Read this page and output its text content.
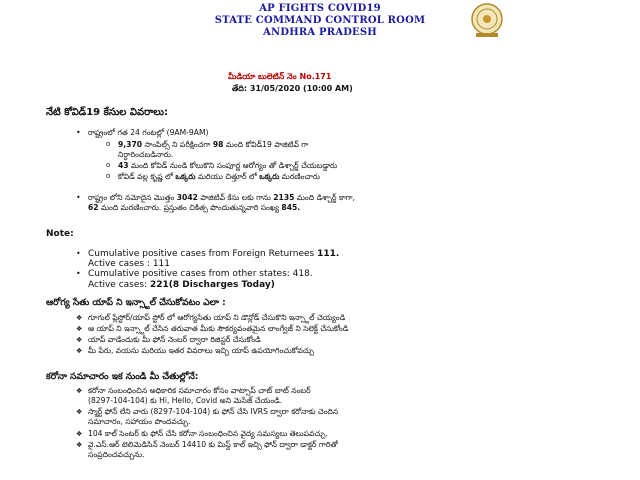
AP FIGHTS COVID19
STATE COMMAND CONTROL ROOM
ANDHRA PRADESH
మీడియా బులెటిన్ నెం No.171
తేది: 31/05/2020 (10:00 AM)
నేటి కోవిడ్19 కేసుల వివరాలు:
• రాష్ట్రంలో గత 24 గంటల్లో (9AM-9AM)
o 9,370 సాంపిల్స్ ని పరీక్షించగా 98 మంది కోవిడ్19 పాజిటివ్ గా
నిర్ధారించబడినారు.
o 43 మంది కోవిడ్ నుండి కోలుకొని సంపూర్ణ ఆరోగ్యం తో డిశ్చార్జ్ చేయబడ్డారు
o కోవిడ్ వల్ల కృష్ణ లో ఒక్కరు మరియు చిత్తూర్ లో ఒక్కరు మరణించారు
• రాష్ట్రం లోని నమోదైన మొత్తం 3042 పాజిటివ్ కేసు లకు గాను 2135 మంది డిశ్చార్జ్ కాగా,
62 మంది మరణించారు. ప్రస్తుతం చికిత్స పొందుతున్నవారి సంఖ్య 845.
Note:
• Cumulative positive cases from Foreign Returnees 111.
Active cases : 111
• Cumulative positive cases from other states: 418.
Active cases: 221(8 Discharges Today)
ఆరోగ్య సేతు యాప్ ని ఇన్స్టాల్ చేసుకోవటం ఎలా :
❖ గూగుల్ ప్లేస్టోర్/యాప్ స్టోర్ లో ఆరోగ్యసేతు యాప్ ని డౌన్లోడ్ చేసుకొని ఇన్స్టాల్ చెయ్యండి
❖ ఆ యాప్ ని ఇన్స్టాల్ చేసిన తరువాత మీకు సౌకర్యవంతమైన లాంగ్వేజ్ ని సెలెక్ట్ చేసుకోండి
❖ యాప్ వాడేందుకు మీ ఫోన్ నెంబర్ ద్వారా రిజిస్టర్ చేసుకోండి
❖ మీ పేరు, వయసు మరియు ఇతర వివరాలు ఇచ్చి యాప్ ఉపయోగించుకోవచ్చు
కరోనా సమాచారం ఇక నుండి మీ చేతుల్లోనే:
❖ కరోనా సంబంధించిన అధికారిక సమాచారం కోసం వాట్సాప్ చాట్ బాట్ నంబర్
(8297-104-104) కు Hi, Hello, Covid అని మెసేజ్ చేయండి.
❖ స్మార్ట్ ఫోన్ లేని వారు (8297-104-104) కు ఫోన్ చేసి IVRS ద్వారా కరోనాకు చెందిన
సమాచారం, సహాయం పొందవచ్చు.
❖ 104 కాల్ సెంటర్ కు ఫోన్ చేసి కరోనా సంబంధించిన వైద్య సమస్యలు తెలుపవచ్చు.
❖ వై.ఎస్.ఆర్ టెలిమెడిసిన్ నెంబర్ 14410 కు మిస్డ్ కాల్ ఇచ్చి ఫోన్ ద్వారా డాక్టర్ గారితో
సంప్రదించవచ్చును.
